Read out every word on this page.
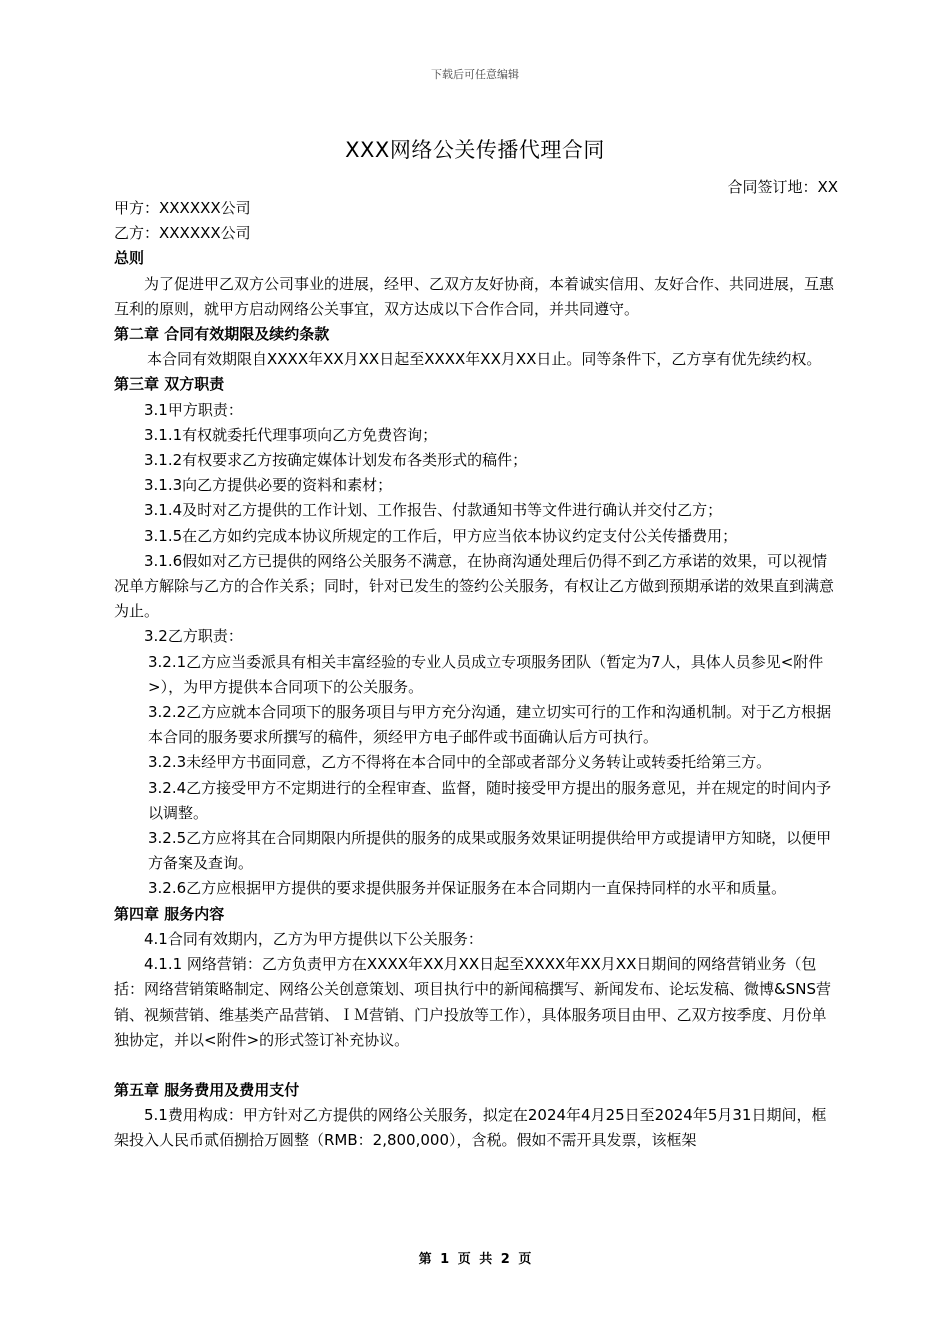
下载后可任意编辑
XXX网络公关传播代理合同
合同签订地：XX

甲方：XXXXXX公司

乙方：XXXXXX公司

总则

为了促进甲乙双方公司事业的进展，经甲、乙双方友好协商，本着诚实信用、友好合作、共同进展，互惠互利的原则，就甲方启动网络公关事宜，双方达成以下合作合同，并共同遵守。

第二章 合同有效期限及续约条款

本合同有效期限自XXXX年XX月XX日起至XXXX年XX月XX日止。同等条件下，乙方享有优先续约权。

第三章 双方职责

3.1甲方职责：

3.1.1有权就委托代理事项向乙方免费咨询；

3.1.2有权要求乙方按确定媒体计划发布各类形式的稿件；

3.1.3向乙方提供必要的资料和素材；

3.1.4及时对乙方提供的工作计划、工作报告、付款通知书等文件进行确认并交付乙方；

3.1.5在乙方如约完成本协议所规定的工作后，甲方应当依本协议约定支付公关传播费用；

3.1.6假如对乙方已提供的网络公关服务不满意，在协商沟通处理后仍得不到乙方承诺的效果，可以视情况单方解除与乙方的合作关系；同时，针对已发生的签约公关服务，有权让乙方做到预期承诺的效果直到满意为止。

3.2乙方职责：

3.2.1乙方应当委派具有相关丰富经验的专业人员成立专项服务团队（暂定为7人，具体人员参见<附件>），为甲方提供本合同项下的公关服务。

3.2.2乙方应就本合同项下的服务项目与甲方充分沟通，建立切实可行的工作和沟通机制。对于乙方根据本合同的服务要求所撰写的稿件，须经甲方电子邮件或书面确认后方可执行。

3.2.3未经甲方书面同意，乙方不得将在本合同中的全部或者部分义务转让或转委托给第三方。

3.2.4乙方接受甲方不定期进行的全程审查、监督，随时接受甲方提出的服务意见，并在规定的时间内予以调整。

3.2.5乙方应将其在合同期限内所提供的服务的成果或服务效果证明提供给甲方或提请甲方知晓，以便甲方备案及查询。

3.2.6乙方应根据甲方提供的要求提供服务并保证服务在本合同期内一直保持同样的水平和质量。

第四章 服务内容

4.1合同有效期内，乙方为甲方提供以下公关服务：

4.1.1 网络营销：乙方负责甲方在XXXX年XX月XX日起至XXXX年XX月XX日期间的网络营销业务（包括：网络营销策略制定、网络公关创意策划、项目执行中的新闻稿撰写、新闻发布、论坛发稿、微博&SNS营销、视频营销、维基类产品营销、ＩＭ营销、门户投放等工作），具体服务项目由甲、乙双方按季度、月份单独协定，并以<附件>的形式签订补充协议。

第五章 服务费用及费用支付

5.1费用构成：甲方针对乙方提供的网络公关服务，拟定在2024年4月25日至2024年5月31日期间，框架投入人民币贰佰捌拾万圆整（RMB：2,800,000），含税。假如不需开具发票，该框架

第 1 页 共 2 页
